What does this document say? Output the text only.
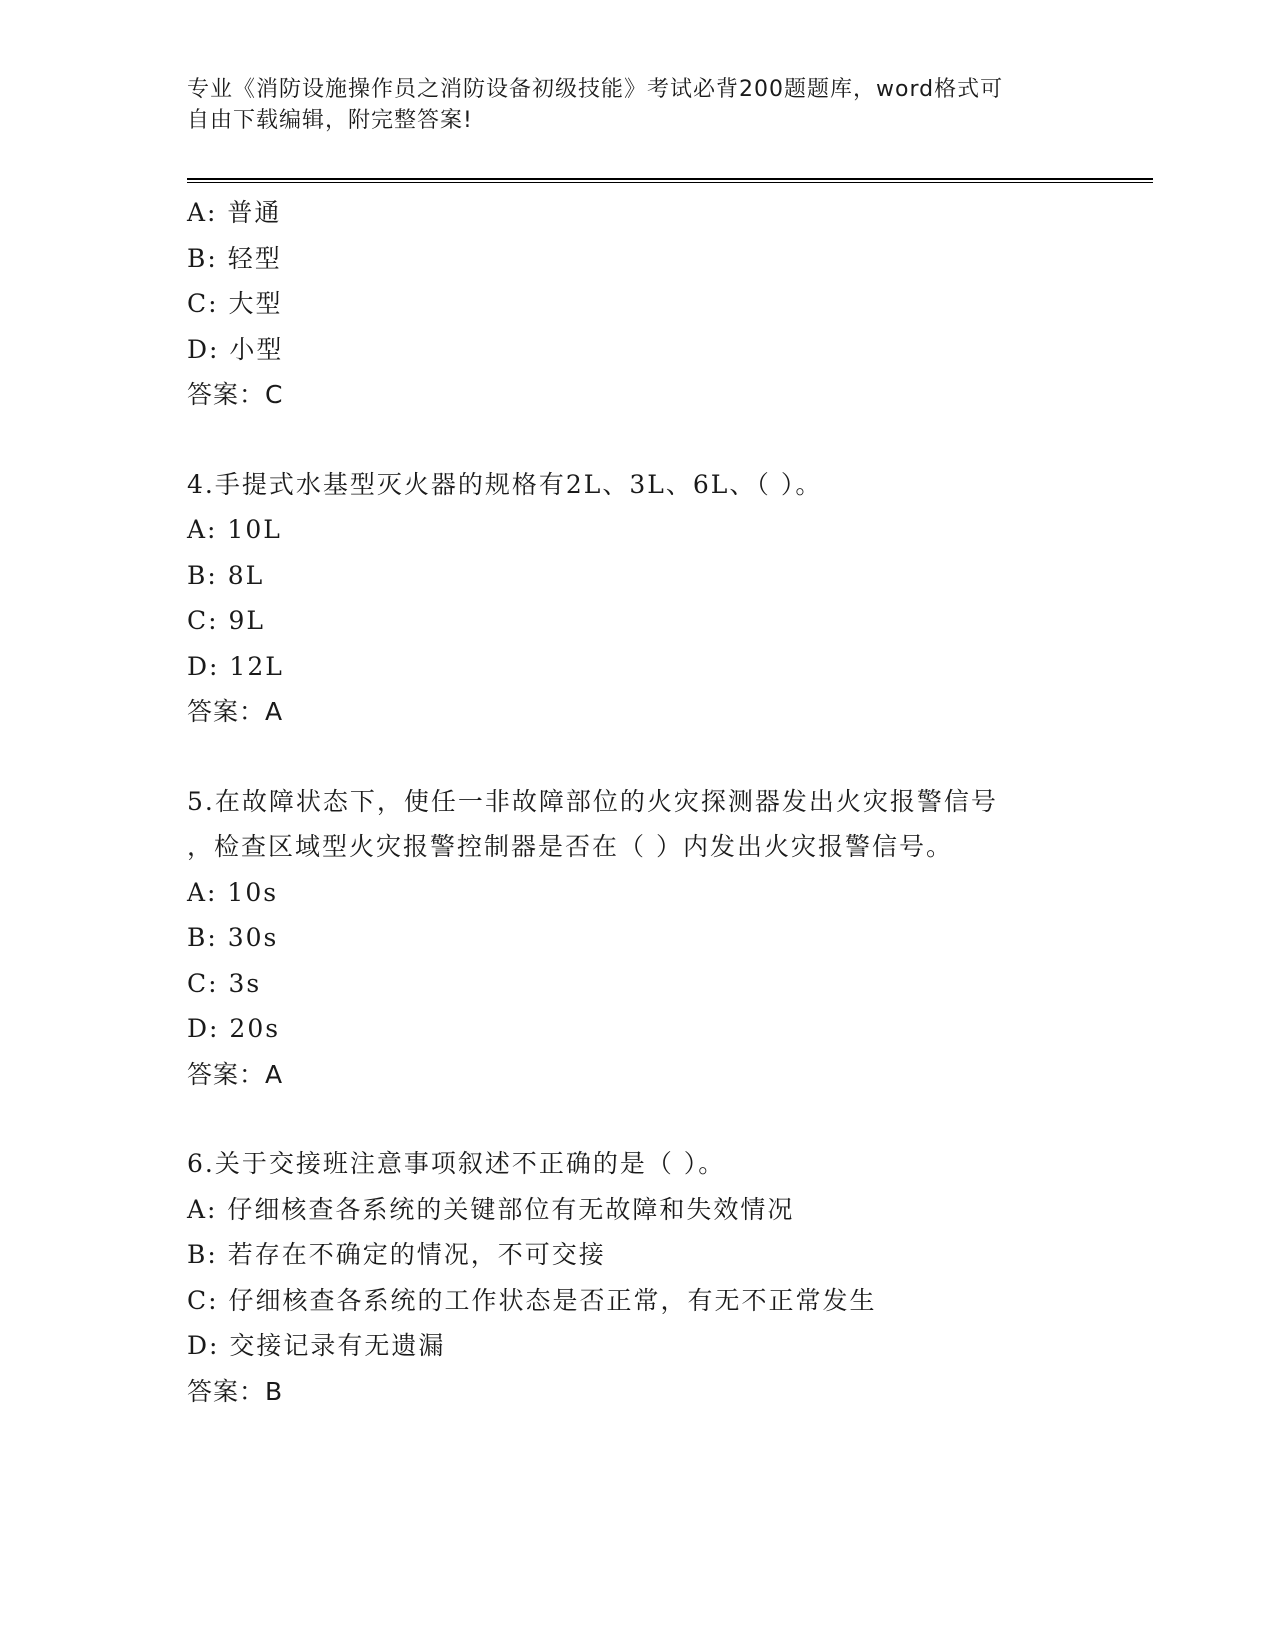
专业《消防设施操作员之消防设备初级技能》考试必背200题题库，word格式可
自由下载编辑，附完整答案!
A: 普通
B: 轻型
C: 大型
D: 小型
答案：C
4.手提式水基型灭火器的规格有2L、3L、6L、（ ）。
A: 10L
B: 8L
C: 9L
D: 12L
答案：A
5.在故障状态下，使任一非故障部位的火灾探测器发出火灾报警信号
，检查区域型火灾报警控制器是否在（ ）内发出火灾报警信号。
A: 10s
B: 30s
C: 3s
D: 20s
答案：A
6.关于交接班注意事项叙述不正确的是（ ）。
A: 仔细核查各系统的关键部位有无故障和失效情况
B: 若存在不确定的情况，不可交接
C: 仔细核查各系统的工作状态是否正常，有无不正常发生
D: 交接记录有无遗漏
答案：B
